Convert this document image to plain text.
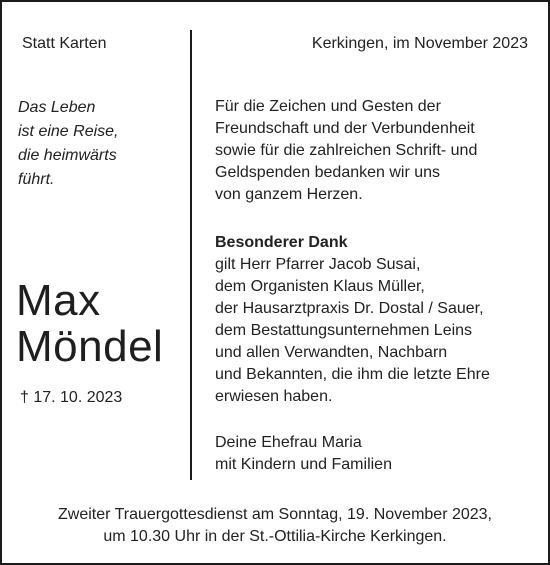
Statt Karten	Kerkingen, im November 2023
Das Leben
ist eine Reise,
die heimwärts
führt.
Max
Möndel
† 17. 10. 2023
Für die Zeichen und Gesten der
Freundschaft und der Verbundenheit
sowie für die zahlreichen Schrift- und
Geldspenden bedanken wir uns
von ganzem Herzen.
Besonderer Dank
gilt Herr Pfarrer Jacob Susai,
dem Organisten Klaus Müller,
der Hausarztpraxis Dr. Dostal / Sauer,
dem Bestattungsunternehmen Leins
und allen Verwandten, Nachbarn
und Bekannten, die ihm die letzte Ehre
erwiesen haben.
Deine Ehefrau Maria
mit Kindern und Familien
Zweiter Trauergottesdienst am Sonntag, 19. November 2023,
um 10.30 Uhr in der St.-Ottilia-Kirche Kerkingen.
